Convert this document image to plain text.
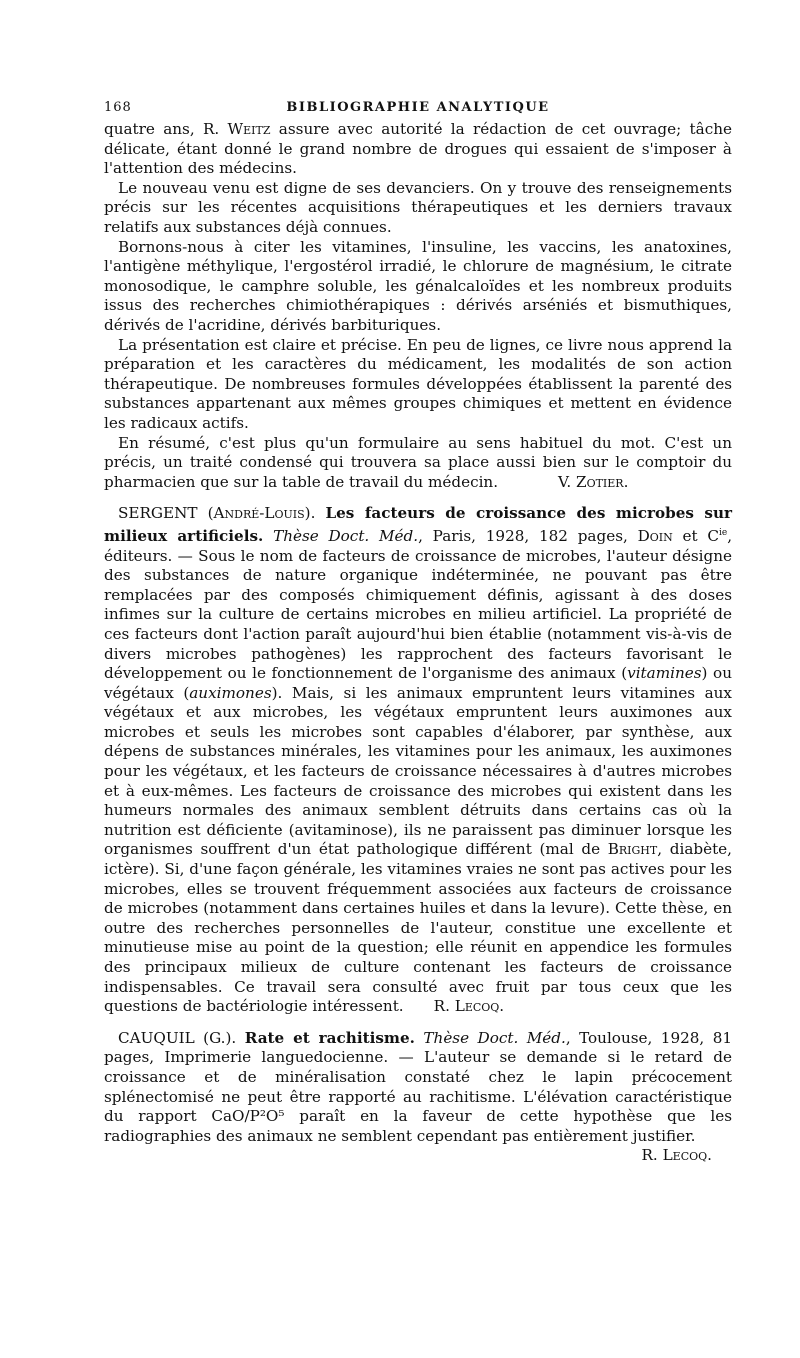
168	BIBLIOGRAPHIE ANALYTIQUE

quatre ans, R. Weitz assure avec autorité la rédaction de cet ouvrage; tâche délicate, étant donné le grand nombre de drogues qui essaient de s'imposer à l'attention des médecins.

Le nouveau venu est digne de ses devanciers. On y trouve des renseignements précis sur les récentes acquisitions thérapeutiques et les derniers travaux relatifs aux substances déjà connues.

Bornons-nous à citer les vitamines, l'insuline, les vaccins, les anatoxines, l'antigène méthylique, l'ergostérol irradié, le chlorure de magnésium, le citrate monosodique, le camphre soluble, les génalcaloïdes et les nombreux produits issus des recherches chimiothérapiques : dérivés arséniés et bismuthiques, dérivés de l'acridine, dérivés barbituriques.

La présentation est claire et précise. En peu de lignes, ce livre nous apprend la préparation et les caractères du médicament, les modalités de son action thérapeutique. De nombreuses formules développées établissent la parenté des substances appartenant aux mêmes groupes chimiques et mettent en évidence les radicaux actifs.

En résumé, c'est plus qu'un formulaire au sens habituel du mot. C'est un précis, un traité condensé qui trouvera sa place aussi bien sur le comptoir du pharmacien que sur la table de travail du médecin.	V. Zotier.

SERGENT (André-Louis). Les facteurs de croissance des microbes sur milieux artificiels. Thèse Doct. Méd., Paris, 1928, 182 pages, Doin et $C^{ie}$, éditeurs. — Sous le nom de facteurs de croissance de microbes, l'auteur désigne des substances de nature organique indéterminée, ne pouvant pas être remplacées par des composés chimiquement définis, agissant à des doses infimes sur la culture de certains microbes en milieu artificiel. La propriété de ces facteurs dont l'action paraît aujourd'hui bien établie (notamment vis-à-vis de divers microbes pathogènes) les rapprochent des facteurs favorisant le développement ou le fonctionnement de l'organisme des animaux (vitamines) ou végétaux (auximones). Mais, si les animaux empruntent leurs vitamines aux végétaux et aux microbes, les végétaux empruntent leurs auximones aux microbes et seuls les microbes sont capables d'élaborer, par synthèse, aux dépens de substances minérales, les vitamines pour les animaux, les auximones pour les végétaux, et les facteurs de croissance nécessaires à d'autres microbes et à eux-mêmes. Les facteurs de croissance des microbes qui existent dans les humeurs normales des animaux semblent détruits dans certains cas où la nutrition est déficiente (avitaminose), ils ne paraissent pas diminuer lorsque les organismes souffrent d'un état pathologique différent (mal de Bright, diabète, ictère). Si, d'une façon générale, les vitamines vraies ne sont pas actives pour les microbes, elles se trouvent fréquemment associées aux facteurs de croissance de microbes (notamment dans certaines huiles et dans la levure). Cette thèse, en outre des recherches personnelles de l'auteur, constitue une excellente et minutieuse mise au point de la question; elle réunit en appendice les formules des principaux milieux de culture contenant les facteurs de croissance indispensables. Ce travail sera consulté avec fruit par tous ceux que les questions de bactériologie intéressent. R. Lecoq.

CAUQUIL (G.). Rate et rachitisme. Thèse Doct. Méd., Toulouse, 1928, 81 pages, Imprimerie languedocienne. — L'auteur se demande si le retard de croissance et de minéralisation constaté chez le lapin précocement splénectomisé ne peut être rapporté au rachitisme. L'élévation caractéristique du rapport CaO/P²O⁵ paraît en la faveur de cette hypothèse que les radiographies des animaux ne semblent cependant pas entièrement justifier.

R. Lecoq.
